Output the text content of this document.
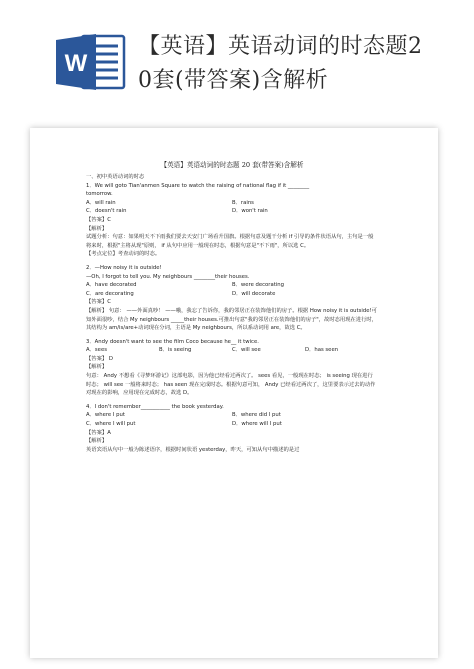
W
【英语】英语动词的时态题2
0套(带答案)含解析
【英语】英语动词的时态题 20 套(带答案)含解析
一、初中英语动词的时态
1．We will goto Tian'anmen Square to watch the raising of national flag if it ________
tomorrow.
A．will rain	B．rains
C．doesn't rain	D．won't rain
【答案】C
【解析】
试题分析：句意：如果明天不下雨我们要去天安门广场看升国旗。根据句意及题干分析 if 引导的条件状语从句，主句是一般将来时，根据"主将从现"原则， if 从句中应用一般现在时态，根据句意是"不下雨"，所以选 C。
【考点定位】考查动词的时态。
2．—How noisy it is outside!
—Oh, I forgot to tell you. My neighbours ________their houses.
A．have decorated	B．were decorating
C．are decorating	D．will decorate
【答案】C
【解析】 句意： ——外面真吵！ ——哦，我忘了告诉你，我的邻居正在装饰他们的房子。根据 How noisy it is outside!可知外面很吵，结合 My neighbours _____their houses.可推出句意"我的邻居正在装饰他们的房子"，故时态用现在进行时，其结构为 am/is/are+动词现在分词，主语是 My neighbours，所以系动词用 are，故选 C。
3．Andy doesn't want to see the film Coco because he__ it twice.
A．sees	B．is seeing	C．will see	D．has seen
【答案】 D
【解析】
句意： Andy 不想看《寻梦环游记》这部电影，因为他已经看过两次了。 sees 看见，一般现在时态； is seeing 现在进行时态； will see 一般将来时态； has seen 现在完成时态。根据句意可知， Andy 已经看过两次了，这里要表示过去的动作对现在的影响，应用现在完成时态，故选 D。
4．I don't remember___________ the book yesterday.
A．where I put	B．where did I put
C．where I will put	D．where will I put
【答案】A
【解析】
英语宾语从句中一般为陈述语序，根据时间状语 yesterday，昨天，可知从句中描述的是过
